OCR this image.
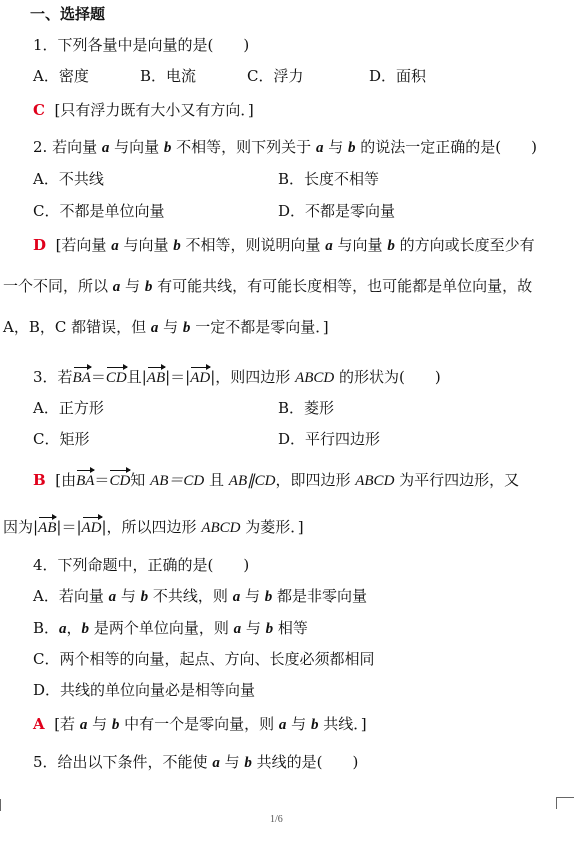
一、选择题
1．下列各量中是向量的是(　　)
A．密度	B．电流	C．浮力	D．面积
C [只有浮力既有大小又有方向．]
2. 若向量 a 与向量 b 不相等，则下列关于 a 与 b 的说法一定正确的是(　　)
A．不共线	B．长度不相等
C．不都是单位向量	D．不都是零向量
D [若向量 a 与向量 b 不相等，则说明向量 a 与向量 b 的方向或长度至少有
一个不同，所以 a 与 b 有可能共线，有可能长度相等，也可能都是单位向量，故
A，B，C 都错误，但 a 与 b 一定不都是零向量．]
3．若BA＝CD且|AB|＝|AD|，则四边形 ABCD 的形状为(　　)
A．正方形	B．菱形
C．矩形	D．平行四边形
B [由BA＝CD知 AB＝CD 且 AB∥CD，即四边形 ABCD 为平行四边形，又
因为|AB|＝|AD|，所以四边形 ABCD 为菱形．]
4．下列命题中，正确的是(　　)
A．若向量 a 与 b 不共线，则 a 与 b 都是非零向量
B．a，b 是两个单位向量，则 a 与 b 相等
C．两个相等的向量，起点、方向、长度必须都相同
D．共线的单位向量必是相等向量
A [若 a 与 b 中有一个是零向量，则 a 与 b 共线．]
5．给出以下条件，不能使 a 与 b 共线的是(　　)
1/6
